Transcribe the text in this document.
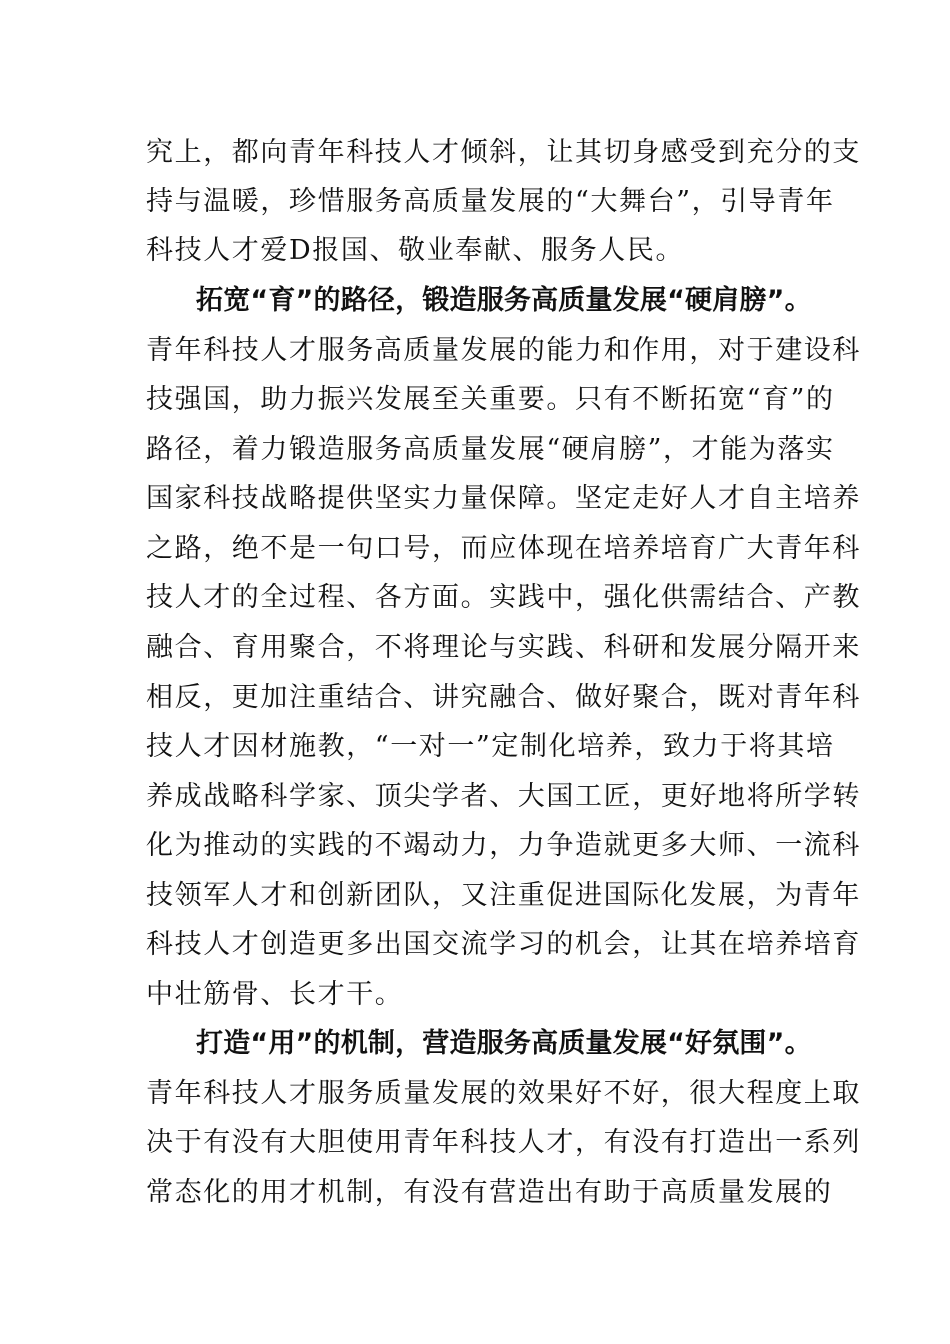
究上，都向青年科技人才倾斜，让其切身感受到充分的支
持与温暖，珍惜服务高质量发展的“大舞台”，引导青年
科技人才爱D报国、敬业奉献、服务人民。
拓宽“育”的路径，锻造服务高质量发展“硬肩膀”。
青年科技人才服务高质量发展的能力和作用，对于建设科
技强国，助力振兴发展至关重要。只有不断拓宽“育”的
路径，着力锻造服务高质量发展“硬肩膀”，才能为落实
国家科技战略提供坚实力量保障。坚定走好人才自主培养
之路，绝不是一句口号，而应体现在培养培育广大青年科
技人才的全过程、各方面。实践中，强化供需结合、产教
融合、育用聚合，不将理论与实践、科研和发展分隔开来
相反，更加注重结合、讲究融合、做好聚合，既对青年科
技人才因材施教，“一对一”定制化培养，致力于将其培
养成战略科学家、顶尖学者、大国工匠，更好地将所学转
化为推动的实践的不竭动力，力争造就更多大师、一流科
技领军人才和创新团队，又注重促进国际化发展，为青年
科技人才创造更多出国交流学习的机会，让其在培养培育
中壮筋骨、长才干。
打造“用”的机制，营造服务高质量发展“好氛围”。
青年科技人才服务质量发展的效果好不好，很大程度上取
决于有没有大胆使用青年科技人才，有没有打造出一系列
常态化的用才机制，有没有营造出有助于高质量发展的
